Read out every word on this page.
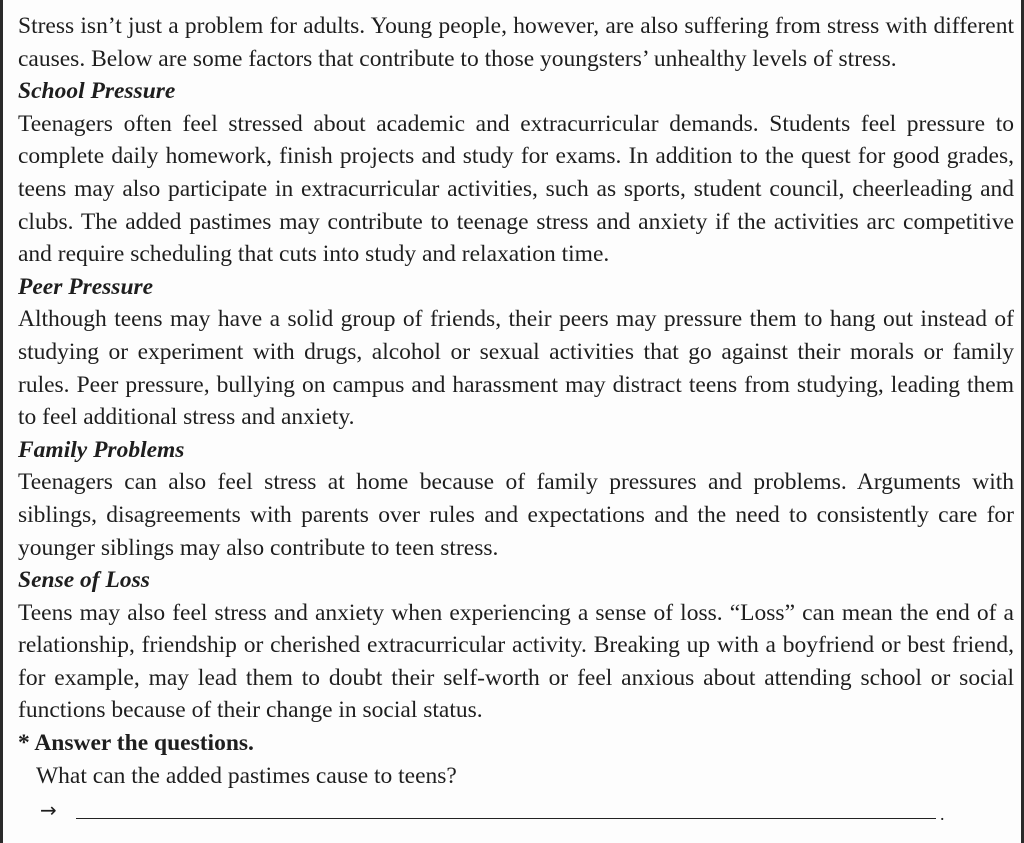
Stress isn’t just a problem for adults. Young people, however, are also suffering from stress with different causes. Below are some factors that contribute to those youngsters’ unhealthy levels of stress.

School Pressure

Teenagers often feel stressed about academic and extracurricular demands. Students feel pressure to complete daily homework, finish projects and study for exams. In addition to the quest for good grades, teens may also participate in extracurricular activities, such as sports, student council, cheerleading and clubs. The added pastimes may contribute to teenage stress and anxiety if the activities arc competitive and require scheduling that cuts into study and relaxation time.

Peer Pressure

Although teens may have a solid group of friends, their peers may pressure them to hang out instead of studying or experiment with drugs, alcohol or sexual activities that go against their morals or family rules. Peer pressure, bullying on campus and harassment may distract teens from studying, leading them to feel additional stress and anxiety.

Family Problems

Teenagers can also feel stress at home because of family pressures and problems. Arguments with siblings, disagreements with parents over rules and expectations and the need to consistently care for younger siblings may also contribute to teen stress.

Sense of Loss

Teens may also feel stress and anxiety when experiencing a sense of loss. “Loss” can mean the end of a relationship, friendship or cherished extracurricular activity. Breaking up with a boyfriend or best friend, for example, may lead them to doubt their self-worth or feel anxious about attending school or social functions because of their change in social status.

* Answer the questions.

What can the added pastimes cause to teens?

→	.
